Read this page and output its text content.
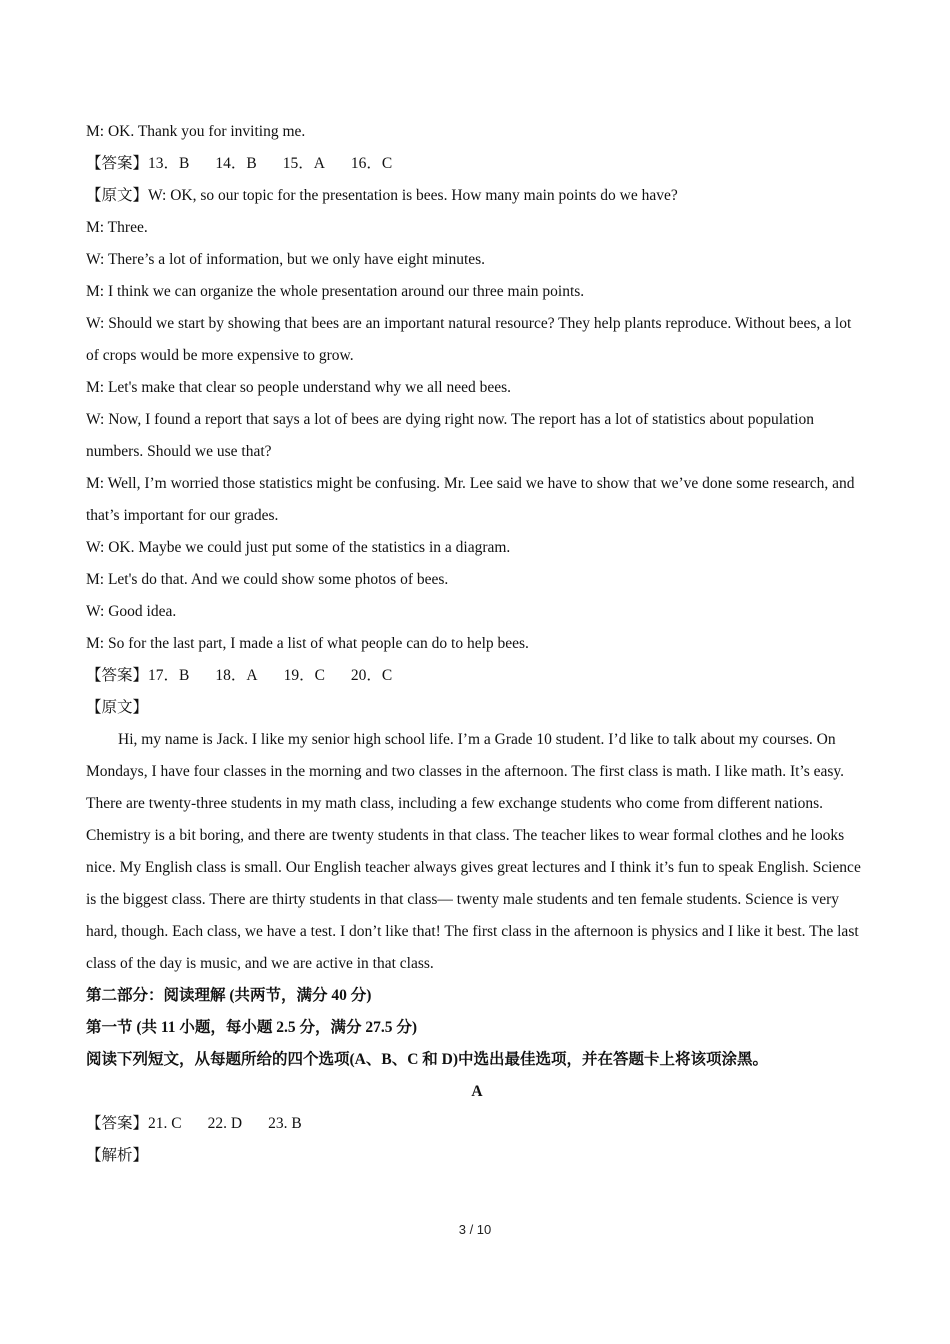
M: OK. Thank you for inviting me.
【答案】13．B 14．B 15．A 16．C
【原文】W: OK, so our topic for the presentation is bees. How many main points do we have?
M: Three.
W: There’s a lot of information, but we only have eight minutes.
M: I think we can organize the whole presentation around our three main points.
W: Should we start by showing that bees are an important natural resource? They help plants reproduce. Without bees, a lot of crops would be more expensive to grow.
M: Let's make that clear so people understand why we all need bees.
W: Now, I found a report that says a lot of bees are dying right now. The report has a lot of statistics about population numbers. Should we use that?
M: Well, I’m worried those statistics might be confusing. Mr. Lee said we have to show that we’ve done some research, and that’s important for our grades.
W: OK. Maybe we could just put some of the statistics in a diagram.
M: Let's do that. And we could show some photos of bees.
W: Good idea.
M: So for the last part, I made a list of what people can do to help bees.
【答案】17．B 18．A 19．C 20．C
【原文】
Hi, my name is Jack. I like my senior high school life. I’m a Grade 10 student. I’d like to talk about my courses. On Mondays, I have four classes in the morning and two classes in the afternoon. The first class is math. I like math. It’s easy. There are twenty-three students in my math class, including a few exchange students who come from different nations. Chemistry is a bit boring, and there are twenty students in that class. The teacher likes to wear formal clothes and he looks nice. My English class is small. Our English teacher always gives great lectures and I think it’s fun to speak English. Science is the biggest class. There are thirty students in that class— twenty male students and ten female students. Science is very hard, though. Each class, we have a test. I don’t like that! The first class in the afternoon is physics and I like it best. The last class of the day is music, and we are active in that class.
第二部分：阅读理解 (共两节，满分 40 分)
第一节 (共 11 小题，每小题 2.5 分，满分 27.5 分)
阅读下列短文，从每题所给的四个选项(A、B、C 和 D)中选出最佳选项，并在答题卡上将该项涂黑。
A
【答案】21. C 22. D 23. B
【解析】
3 / 10
